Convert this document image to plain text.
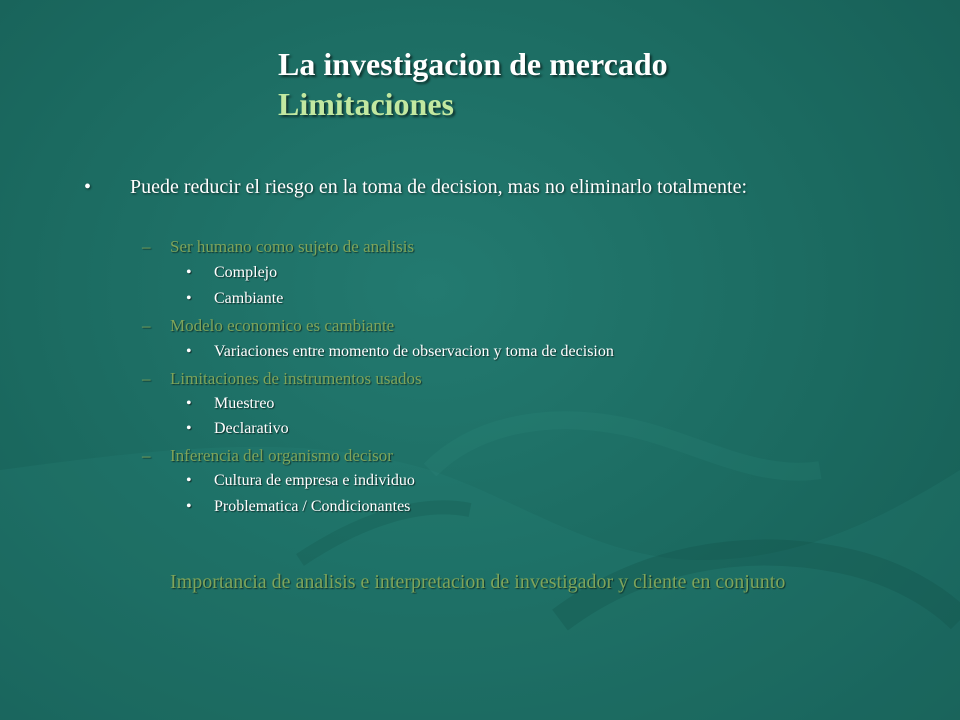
La investigacion de mercado
Limitaciones
• Puede reducir el riesgo en la toma de decision, mas no eliminarlo totalmente:
– Ser humano como sujeto de analisis
• Complejo
• Cambiante
– Modelo economico es cambiante
• Variaciones entre momento de observacion y toma de decision
– Limitaciones de instrumentos usados
• Muestreo
• Declarativo
– Inferencia del organismo decisor
• Cultura de empresa e individuo
• Problematica / Condicionantes
Importancia de analisis e interpretacion de investigador y cliente en conjunto
